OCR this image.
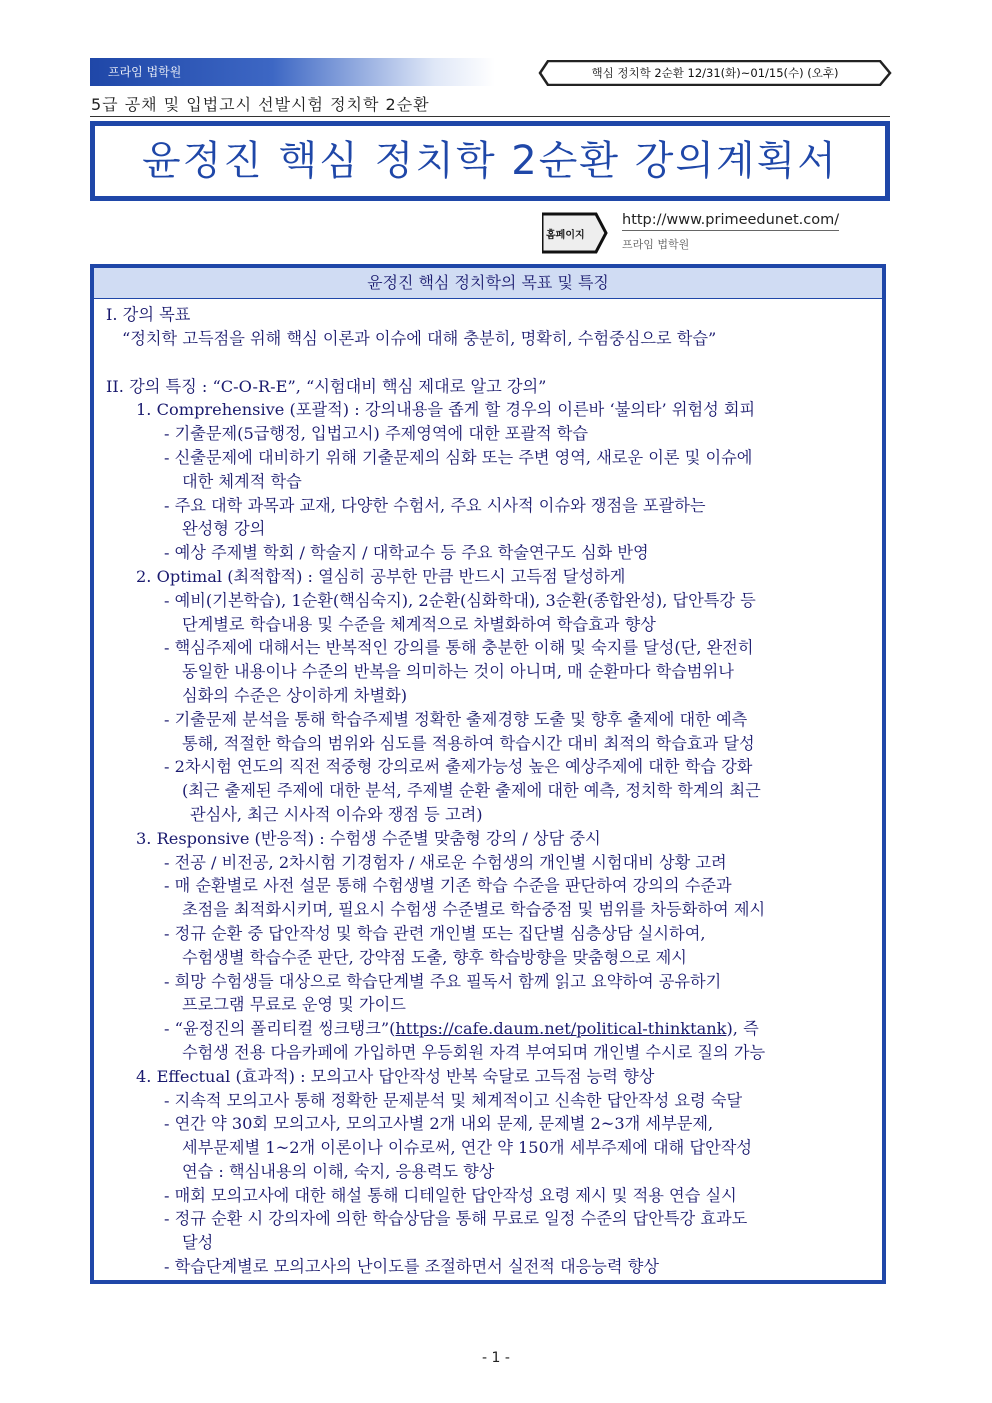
프라임 법학원	핵심 정치학 2순환 12/31(화)~01/15(수) (오후)
5급 공채 및 입법고시 선발시험 정치학 2순환
윤정진 핵심 정치학 2순환 강의계획서
홈페이지
http://www.primeedunet.com/
프라임 법학원
윤정진 핵심 정치학의 목표 및 특징
I. 강의 목표
“정치학 고득점을 위해 핵심 이론과 이슈에 대해 충분히, 명확히, 수험중심으로 학습”
II. 강의 특징 : “C-O-R-E”, “시험대비 핵심 제대로 알고 강의”
1. Comprehensive (포괄적) : 강의내용을 좁게 할 경우의 이른바 ‘불의타’ 위험성 회피
- 기출문제(5급행정, 입법고시) 주제영역에 대한 포괄적 학습
- 신출문제에 대비하기 위해 기출문제의 심화 또는 주변 영역, 새로운 이론 및 이슈에
대한 체계적 학습
- 주요 대학 과목과 교재, 다양한 수험서, 주요 시사적 이슈와 쟁점을 포괄하는
완성형 강의
- 예상 주제별 학회 / 학술지 / 대학교수 등 주요 학술연구도 심화 반영
2. Optimal (최적합적) : 열심히 공부한 만큼 반드시 고득점 달성하게
- 예비(기본학습), 1순환(핵심숙지), 2순환(심화학대), 3순환(종합완성), 답안특강 등
단계별로 학습내용 및 수준을 체계적으로 차별화하여 학습효과 향상
- 핵심주제에 대해서는 반복적인 강의를 통해 충분한 이해 및 숙지를 달성(단, 완전히
동일한 내용이나 수준의 반복을 의미하는 것이 아니며, 매 순환마다 학습범위나
심화의 수준은 상이하게 차별화)
- 기출문제 분석을 통해 학습주제별 정확한 출제경향 도출 및 향후 출제에 대한 예측
통해, 적절한 학습의 범위와 심도를 적용하여 학습시간 대비 최적의 학습효과 달성
- 2차시험 연도의 직전 적중형 강의로써 출제가능성 높은 예상주제에 대한 학습 강화
(최근 출제된 주제에 대한 분석, 주제별 순환 출제에 대한 예측, 정치학 학계의 최근
관심사, 최근 시사적 이슈와 쟁점 등 고려)
3. Responsive (반응적) : 수험생 수준별 맞춤형 강의 / 상담 중시
- 전공 / 비전공, 2차시험 기경험자 / 새로운 수험생의 개인별 시험대비 상황 고려
- 매 순환별로 사전 설문 통해 수험생별 기존 학습 수준을 판단하여 강의의 수준과
초점을 최적화시키며, 필요시 수험생 수준별로 학습중점 및 범위를 차등화하여 제시
- 정규 순환 중 답안작성 및 학습 관련 개인별 또는 집단별 심층상담 실시하여,
수험생별 학습수준 판단, 강약점 도출, 향후 학습방향을 맞춤형으로 제시
- 희망 수험생들 대상으로 학습단계별 주요 필독서 함께 읽고 요약하여 공유하기
프로그램 무료로 운영 및 가이드
- “윤정진의 폴리티컬 씽크탱크”(https://cafe.daum.net/political-thinktank), 즉
수험생 전용 다음카페에 가입하면 우등회원 자격 부여되며 개인별 수시로 질의 가능
4. Effectual (효과적) : 모의고사 답안작성 반복 숙달로 고득점 능력 향상
- 지속적 모의고사 통해 정확한 문제분석 및 체계적이고 신속한 답안작성 요령 숙달
- 연간 약 30회 모의고사, 모의고사별 2개 내외 문제, 문제별 2~3개 세부문제,
세부문제별 1~2개 이론이나 이슈로써, 연간 약 150개 세부주제에 대해 답안작성
연습 : 핵심내용의 이해, 숙지, 응용력도 향상
- 매회 모의고사에 대한 해설 통해 디테일한 답안작성 요령 제시 및 적용 연습 실시
- 정규 순환 시 강의자에 의한 학습상담을 통해 무료로 일정 수준의 답안특강 효과도
달성
- 학습단계별로 모의고사의 난이도를 조절하면서 실전적 대응능력 향상
- 1 -
